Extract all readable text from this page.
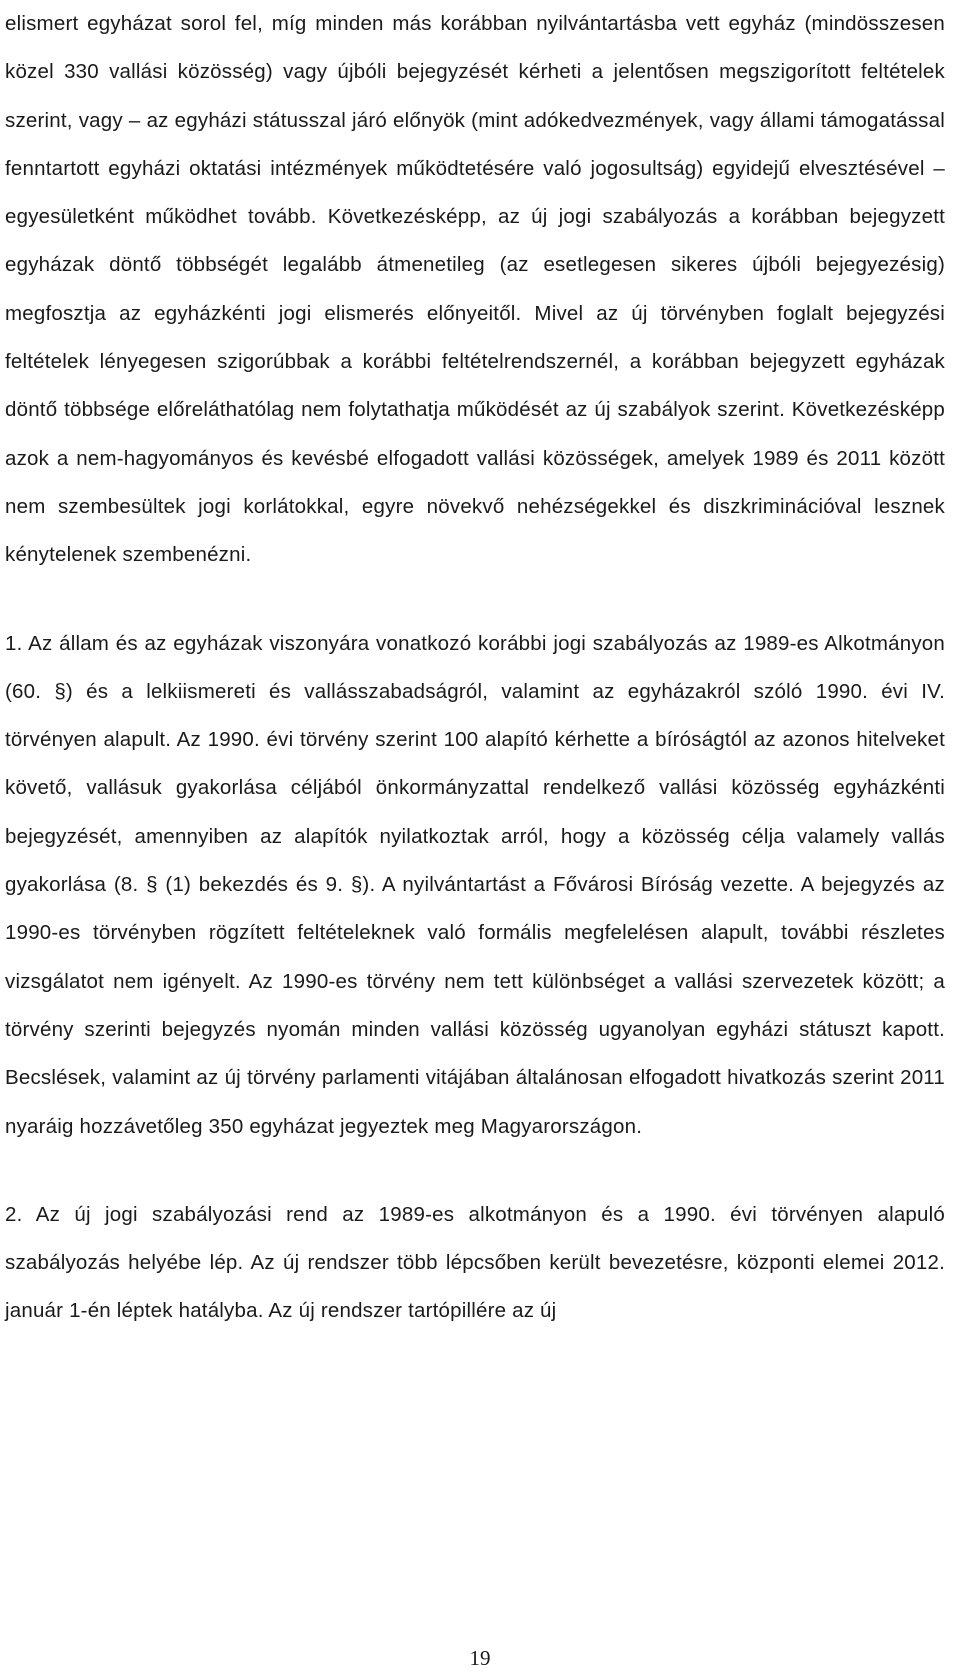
elismert egyházat sorol fel, míg minden más korábban nyilvántartásba vett egyház (mindösszesen közel 330 vallási közösség) vagy újbóli bejegyzését kérheti a jelentősen megszigorított feltételek szerint, vagy – az egyházi státusszal járó előnyök (mint adókedvezmények, vagy állami támogatással fenntartott egyházi oktatási intézmények működtetésére való jogosultság) egyidejű elvesztésével – egyesületként működhet tovább. Következésképp, az új jogi szabályozás a korábban bejegyzett egyházak döntő többségét legalább átmenetileg (az esetlegesen sikeres újbóli bejegyezésig) megfosztja az egyházkénti jogi elismerés előnyeitől. Mivel az új törvényben foglalt bejegyzési feltételek lényegesen szigorúbbak a korábbi feltételrendszernél, a korábban bejegyzett egyházak döntő többsége előreláthatólag nem folytathatja működését az új szabályok szerint. Következésképp azok a nem-hagyományos és kevésbé elfogadott vallási közösségek, amelyek 1989 és 2011 között nem szembesültek jogi korlátokkal, egyre növekvő nehézségekkel és diszkriminációval lesznek kénytelenek szembenézni.

1. Az állam és az egyházak viszonyára vonatkozó korábbi jogi szabályozás az 1989-es Alkotmányon (60. §) és a lelkiismereti és vallásszabadságról, valamint az egyházakról szóló 1990. évi IV. törvényen alapult. Az 1990. évi törvény szerint 100 alapító kérhette a bíróságtól az azonos hitelveket követő, vallásuk gyakorlása céljából önkormányzattal rendelkező vallási közösség egyházkénti bejegyzését, amennyiben az alapítók nyilatkoztak arról, hogy a közösség célja valamely vallás gyakorlása (8. § (1) bekezdés és 9. §). A nyilvántartást a Fővárosi Bíróság vezette. A bejegyzés az 1990-es törvényben rögzített feltételeknek való formális megfelelésen alapult, további részletes vizsgálatot nem igényelt. Az 1990-es törvény nem tett különbséget a vallási szervezetek között; a törvény szerinti bejegyzés nyomán minden vallási közösség ugyanolyan egyházi státuszt kapott. Becslések, valamint az új törvény parlamenti vitájában általánosan elfogadott hivatkozás szerint 2011 nyaráig hozzávetőleg 350 egyházat jegyeztek meg Magyarországon.

2. Az új jogi szabályozási rend az 1989-es alkotmányon és a 1990. évi törvényen alapuló szabályozás helyébe lép. Az új rendszer több lépcsőben került bevezetésre, központi elemei 2012. január 1-én léptek hatályba. Az új rendszer tartópillére az új

19
